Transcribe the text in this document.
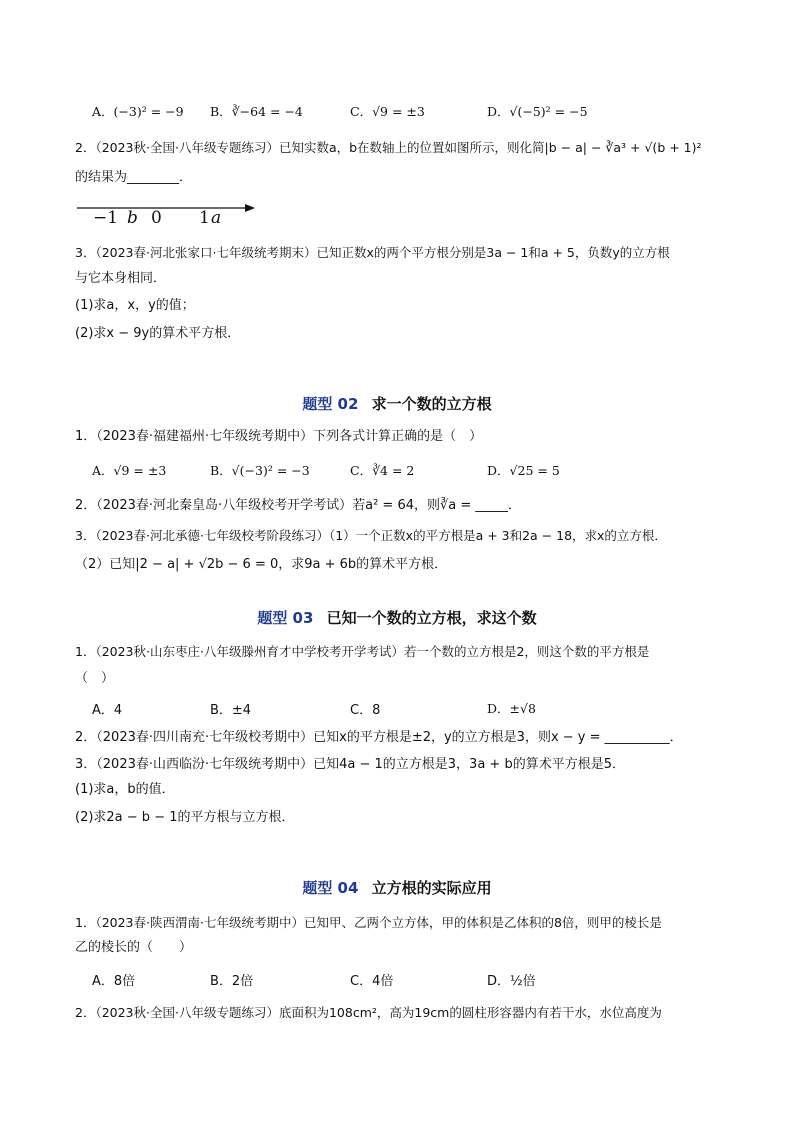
A．(−3)² = −9 B．∛−64 = −4	C．√9 = ±3	D．√(−5)² = −5
2．（2023秋·全国·八年级专题练习）已知实数a，b在数轴上的位置如图所示，则化简|b − a| − ∛a³ + √(b + 1)²
的结果为________．
−1 b 0 1 a
3．（2023春·河北张家口·七年级统考期末）已知正数x的两个平方根分别是3a − 1和a + 5，负数y的立方根
与它本身相同．
(1)求a，x，y的值；
(2)求x − 9y的算术平方根．
题型 02 求一个数的立方根
1．（2023春·福建福州·七年级统考期中）下列各式计算正确的是（　）
A．√9 = ±3	B．√(−3)² = −3	C．∛4 = 2	D．√25 = 5
2．（2023春·河北秦皇岛·八年级校考开学考试）若a² = 64，则∛a = _____．
3．（2023春·河北承德·七年级校考阶段练习）（1）一个正数x的平方根是a + 3和2a − 18，求x的立方根．
（2）已知|2 − a| + √2b − 6 = 0，求9a + 6b的算术平方根．
题型 03 已知一个数的立方根，求这个数
1．（2023秋·山东枣庄·八年级滕州育才中学校考开学考试）若一个数的立方根是2，则这个数的平方根是
（　）
A．4	B．±4	C．8	D．±√8
2．（2023春·四川南充·七年级校考期中）已知x的平方根是±2，y的立方根是3，则x − y = __________．
3．（2023春·山西临汾·七年级统考期中）已知4a − 1的立方根是3，3a + b的算术平方根是5．
(1)求a，b的值．
(2)求2a − b − 1的平方根与立方根．
题型 04 立方根的实际应用
1．（2023春·陕西渭南·七年级统考期中）已知甲、乙两个立方体，甲的体积是乙体积的8倍，则甲的棱长是
乙的棱长的（　　）
A．8倍	B．2倍	C．4倍	D．½倍
2．（2023秋·全国·八年级专题练习）底面积为108cm²，高为19cm的圆柱形容器内有若干水，水位高度为
